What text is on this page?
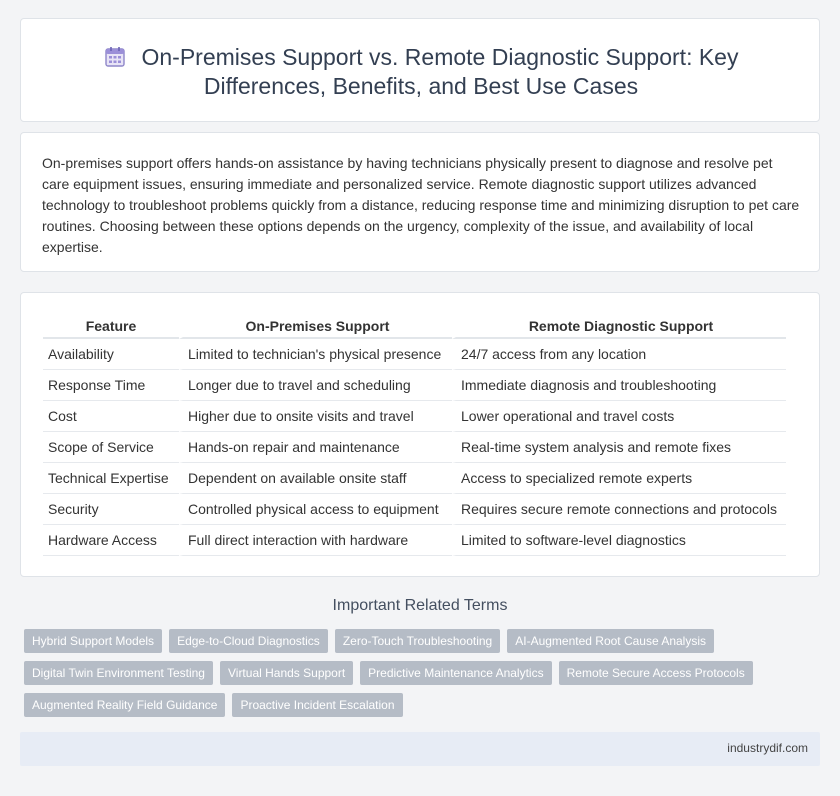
On-Premises Support vs. Remote Diagnostic Support: Key
Differences, Benefits, and Best Use Cases

On-premises support offers hands-on assistance by having technicians physically present to diagnose and resolve pet care equipment issues, ensuring immediate and personalized service. Remote diagnostic support utilizes advanced technology to troubleshoot problems quickly from a distance, reducing response time and minimizing disruption to pet care routines. Choosing between these options depends on the urgency, complexity of the issue, and availability of local expertise.

Feature	On-Premises Support	Remote Diagnostic Support
Availability	Limited to technician's physical presence	24/7 access from any location
Response Time	Longer due to travel and scheduling	Immediate diagnosis and troubleshooting
Cost	Higher due to onsite visits and travel	Lower operational and travel costs
Scope of Service	Hands-on repair and maintenance	Real-time system analysis and remote fixes
Technical Expertise	Dependent on available onsite staff	Access to specialized remote experts
Security	Controlled physical access to equipment	Requires secure remote connections and protocols
Hardware Access	Full direct interaction with hardware	Limited to software-level diagnostics
Important Related Terms
Hybrid Support Models	Edge-to-Cloud Diagnostics	Zero-Touch Troubleshooting	AI-Augmented Root Cause Analysis
Digital Twin Environment Testing	Virtual Hands Support	Predictive Maintenance Analytics	Remote Secure Access Protocols
Augmented Reality Field Guidance	Proactive Incident Escalation
industrydif.com
